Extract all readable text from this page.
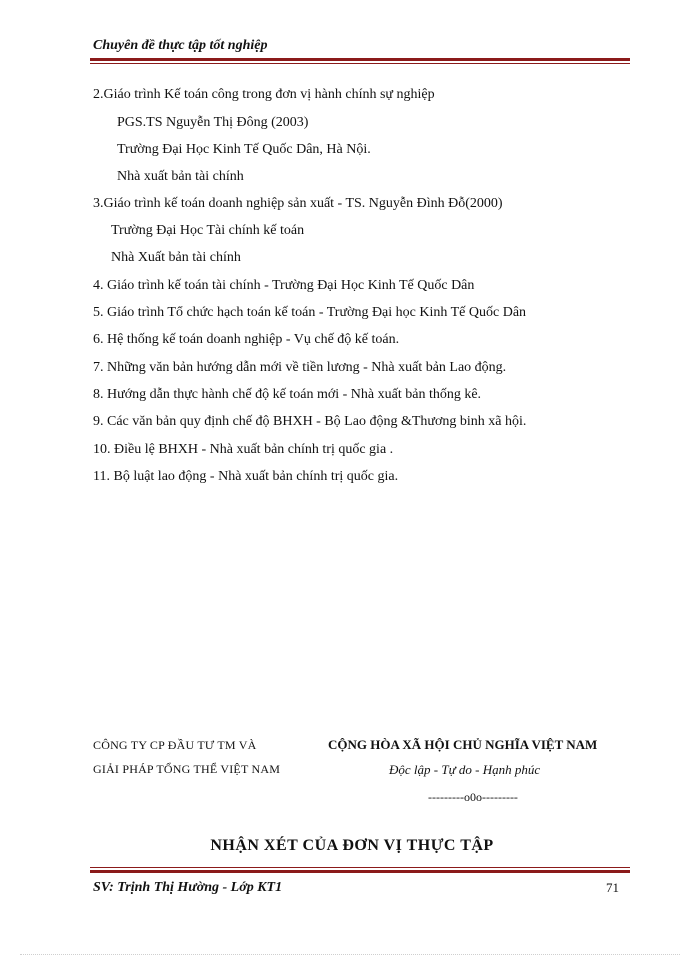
Chuyên đề thực tập tốt nghiệp
2.Giáo trình Kế toán công trong đơn vị hành chính sự nghiệp
PGS.TS Nguyễn Thị Đông (2003)
Trường Đại Học Kinh Tế Quốc Dân, Hà Nội.
Nhà xuất bản tài chính
3.Giáo trình kế toán doanh nghiệp sản xuất - TS. Nguyễn Đình Đỗ(2000)
Trường Đại Học Tài chính kế toán
Nhà Xuất bản tài chính
4. Giáo trình kế toán tài chính - Trường Đại Học Kinh Tế Quốc Dân
5. Giáo trình Tổ chức hạch toán kế toán - Trường Đại học Kinh Tế Quốc Dân
6. Hệ thống kế toán doanh nghiệp - Vụ chế độ kế toán.
7. Những văn bản hướng dẫn mới về tiền lương - Nhà xuất bản Lao động.
8. Hướng dẫn thực hành chế độ kế toán mới - Nhà xuất bản thống kê.
9. Các văn bản quy định chế độ BHXH - Bộ Lao động &Thương binh xã hội.
10. Điều lệ BHXH - Nhà xuất bản chính trị quốc gia .
11. Bộ luật lao động - Nhà xuất bản chính trị quốc gia.
CÔNG TY CP ĐẦU TƯ TM VÀ
GIẢI PHÁP TỔNG THỂ VIỆT NAM
CỘNG HÒA XÃ HỘI CHỦ NGHĨA VIỆT NAM
Độc lập - Tự do - Hạnh phúc
---------o0o---------
NHẬN XÉT CỦA ĐƠN VỊ THỰC TẬP
SV: Trịnh Thị Hường - Lớp KT1	71
